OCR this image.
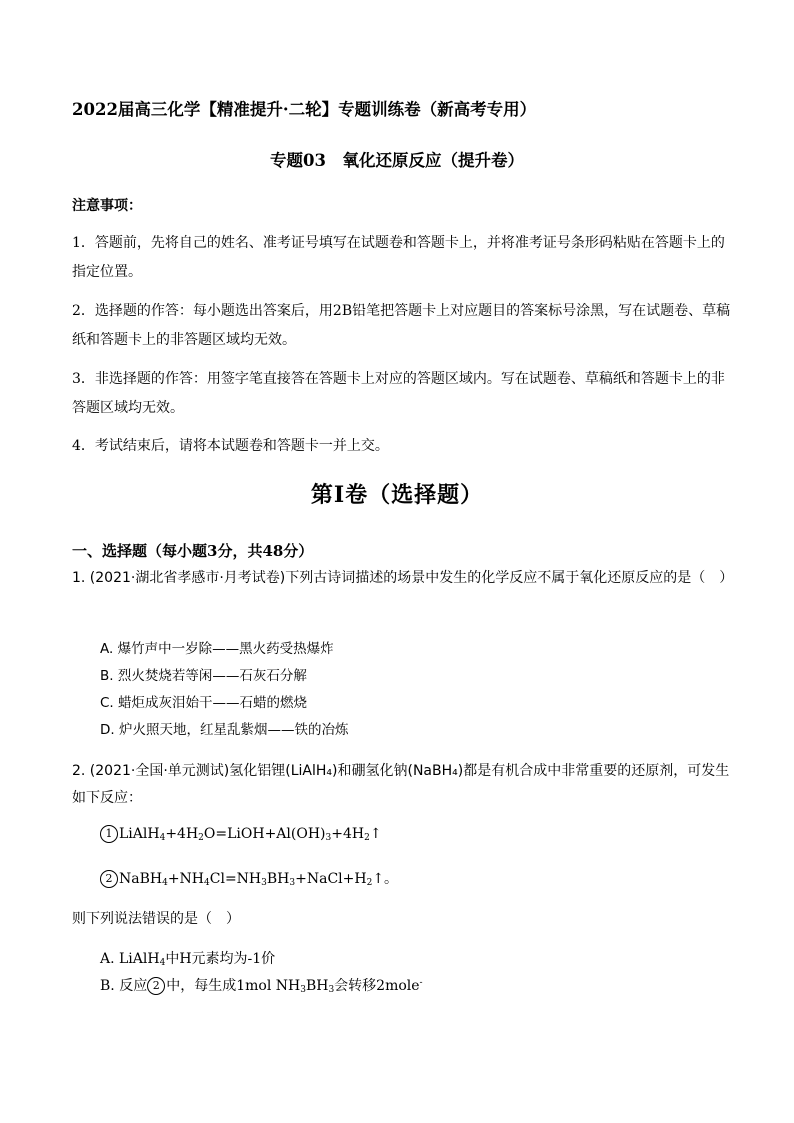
2022届高三化学【精准提升·二轮】专题训练卷（新高考专用）
专题03　氧化还原反应（提升卷）
注意事项：
1．答题前，先将自己的姓名、准考证号填写在试题卷和答题卡上，并将准考证号条形码粘贴在答题卡上的指定位置。
2．选择题的作答：每小题选出答案后，用2B铅笔把答题卡上对应题目的答案标号涂黑，写在试题卷、草稿纸和答题卡上的非答题区域均无效。
3．非选择题的作答：用签字笔直接答在答题卡上对应的答题区域内。写在试题卷、草稿纸和答题卡上的非答题区域均无效。
4．考试结束后，请将本试题卷和答题卡一并上交。
第Ⅰ卷（选择题）
一、选择题（每小题3分，共48分）
1. (2021·湖北省孝感市·月考试卷)下列古诗词描述的场景中发生的化学反应不属于氧化还原反应的是（　）
A. 爆竹声中一岁除——黑火药受热爆炸
B. 烈火焚烧若等闲——石灰石分解
C. 蜡炬成灰泪始干——石蜡的燃烧
D. 炉火照天地，红星乱紫烟——铁的冶炼
2. (2021·全国·单元测试)氢化铝锂(LiAlH₄)和硼氢化钠(NaBH₄)都是有机合成中非常重要的还原剂，可发生如下反应：
1 $LiAlH_4+4H_2O=LiOH+Al(OH)_3+4H_2↑$
2 $NaBH_4+NH_4Cl=NH_3BH_3+NaCl+H_2↑$。
则下列说法错误的是（　）
A. LiAlH$_4$中H元素均为-1价
B. 反应 2 中，每生成1mol $NH_3BH_3$会转移2mole-
